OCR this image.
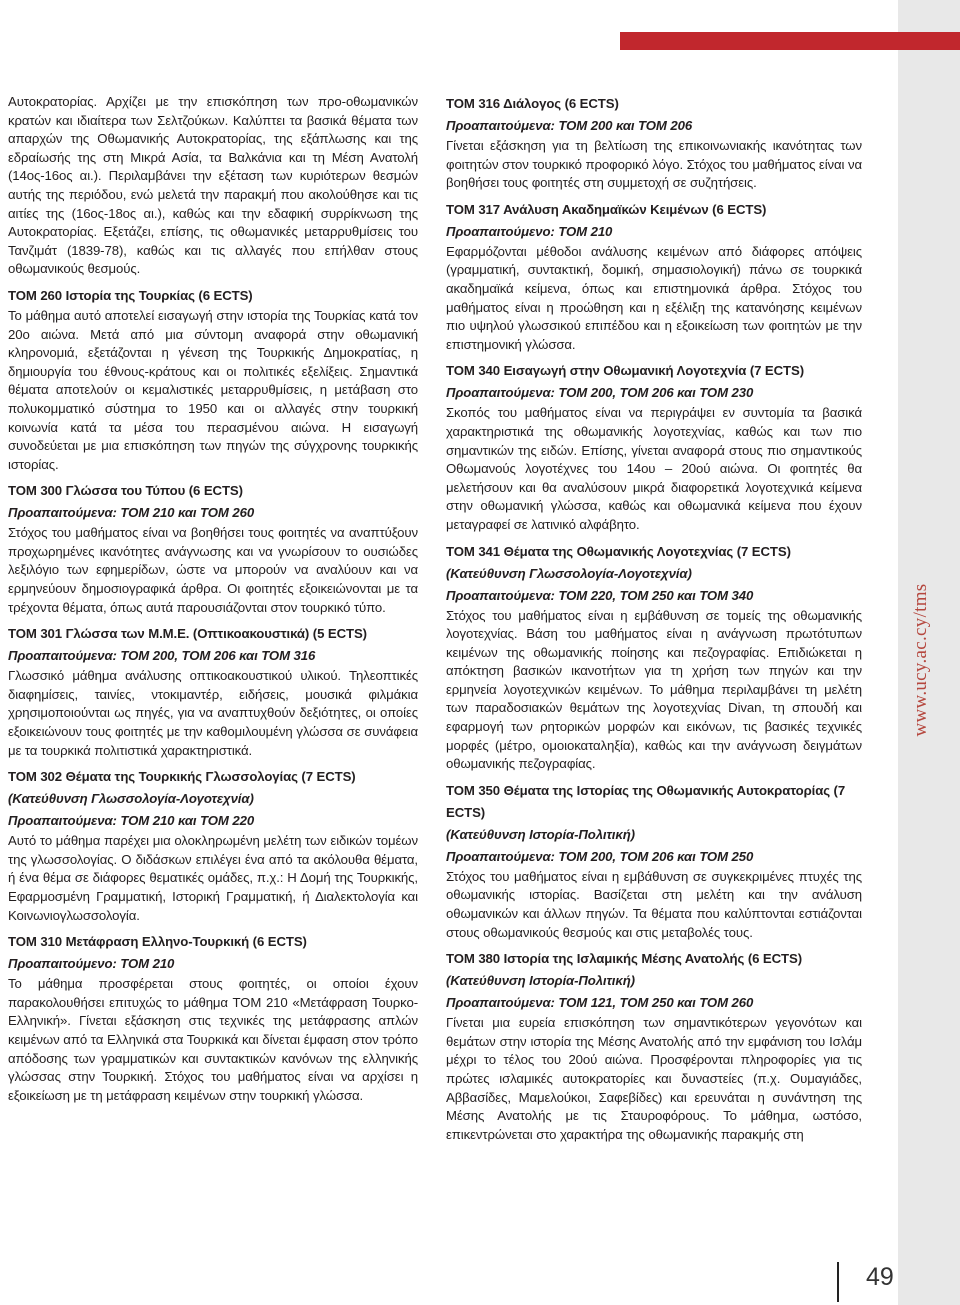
www.ucy.ac.cy/tms

Αυτοκρατορίας. Αρχίζει με την επισκόπηση των προ-οθωμανικών κρατών και ιδιαίτερα των Σελτζούκων. Καλύπτει τα βασικά θέματα των απαρχών της Οθωμανικής Αυτοκρατορίας, της εξάπλωσης και της εδραίωσής της στη Μικρά Ασία, τα Βαλκάνια και τη Μέση Ανατολή (14ος-16ος αι.). Περιλαμβάνει την εξέταση των κυριότερων θεσμών αυτής της περιόδου, ενώ μελετά την παρακμή που ακολούθησε και τις αιτίες της (16ος-18ος αι.), καθώς και την εδαφική συρρίκνωση της Αυτοκρατορίας. Εξετάζει, επίσης, τις οθωμανικές μεταρρυθμίσεις του Τανζιμάτ (1839-78), καθώς και τις αλλαγές που επήλθαν στους οθωμανικούς θεσμούς.

ΤΟΜ 260 Ιστορία της Τουρκίας (6 ECTS)

Το μάθημα αυτό αποτελεί εισαγωγή στην ιστορία της Τουρκίας κατά τον 20ο αιώνα. Μετά από μια σύντομη αναφορά στην οθωμανική κληρονομιά, εξετάζονται η γένεση της Τουρκικής Δημοκρατίας, η δημιουργία του έθνους-κράτους και οι πολιτικές εξελίξεις. Σημαντικά θέματα αποτελούν οι κεμαλιστικές μεταρρυθμίσεις, η μετάβαση στο πολυκομματικό σύστημα το 1950 και οι αλλαγές στην τουρκική κοινωνία κατά τα μέσα του περασμένου αιώνα. Η εισαγωγή συνοδεύεται με μια επισκόπηση των πηγών της σύγχρονης τουρκικής ιστορίας.

ΤΟΜ 300 Γλώσσα του Τύπου (6 ECTS)

Προαπαιτούμενα: ΤΟΜ 210 και ΤΟΜ 260

Στόχος του μαθήματος είναι να βοηθήσει τους φοιτητές να αναπτύξουν προχωρημένες ικανότητες ανάγνωσης και να γνωρίσουν το ουσιώδες λεξιλόγιο των εφημερίδων, ώστε να μπορούν να αναλύουν και να ερμηνεύουν δημοσιογραφικά άρθρα. Οι φοιτητές εξοικειώνονται με τα τρέχοντα θέματα, όπως αυτά παρουσιάζονται στον τουρκικό τύπο.

ΤΟΜ 301 Γλώσσα των Μ.Μ.Ε. (Οπτικοακουστικά) (5 ECTS)

Προαπαιτούμενα: ΤΟΜ 200, ΤΟΜ 206 και ΤΟΜ 316

Γλωσσικό μάθημα ανάλυσης οπτικοακουστικού υλικού. Τηλεοπτικές διαφημίσεις, ταινίες, ντοκιμαντέρ, ειδήσεις, μουσικά φιλμάκια χρησιμοποιούνται ως πηγές, για να αναπτυχθούν δεξιότητες, οι οποίες εξοικειώνουν τους φοιτητές με την καθομιλουμένη γλώσσα σε συνάφεια με τα τουρκικά πολιτιστικά χαρακτηριστικά.

ΤΟΜ 302 Θέματα της Τουρκικής Γλωσσολογίας (7 ECTS)

(Κατεύθυνση Γλωσσολογία-Λογοτεχνία)

Προαπαιτούμενα: ΤΟΜ 210 και ΤΟΜ 220

Αυτό το μάθημα παρέχει μια ολοκληρωμένη μελέτη των ειδικών τομέων της γλωσσολογίας. Ο διδάσκων επιλέγει ένα από τα ακόλουθα θέματα, ή ένα θέμα σε διάφορες θεματικές ομάδες, π.χ.: Η Δομή της Τουρκικής, Εφαρμοσμένη Γραμματική, Ιστορική Γραμματική, ή Διαλεκτολογία και Κοινωνιογλωσσολογία.

ΤΟΜ 310 Μετάφραση Ελληνο-Τουρκική (6 ECTS)

Προαπαιτούμενο: ΤΟΜ 210

Το μάθημα προσφέρεται στους φοιτητές, οι οποίοι έχουν παρακολουθήσει επιτυχώς το μάθημα ΤΟΜ 210 «Μετάφραση Τουρκο-Ελληνική». Γίνεται εξάσκηση στις τεχνικές της μετάφρασης απλών κειμένων από τα Ελληνικά στα Τουρκικά και δίνεται έμφαση στον τρόπο απόδοσης των γραμματικών και συντακτικών κανόνων της ελληνικής γλώσσας στην Τουρκική. Στόχος του μαθήματος είναι να αρχίσει η εξοικείωση με τη μετάφραση κειμένων στην τουρκική γλώσσα.

ΤΟΜ 316 Διάλογος (6 ECTS)

Προαπαιτούμενα: ΤΟΜ 200 και ΤΟΜ 206

Γίνεται εξάσκηση για τη βελτίωση της επικοινωνιακής ικανότητας των φοιτητών στον τουρκικό προφορικό λόγο. Στόχος του μαθήματος είναι να βοηθήσει τους φοιτητές στη συμμετοχή σε συζητήσεις.

ΤΟΜ 317 Ανάλυση Ακαδημαϊκών Κειμένων (6 ECTS)

Προαπαιτούμενο: ΤΟΜ 210

Εφαρμόζονται μέθοδοι ανάλυσης κειμένων από διάφορες απόψεις (γραμματική, συντακτική, δομική, σημασιολογική) πάνω σε τουρκικά ακαδημαϊκά κείμενα, όπως και επιστημονικά άρθρα. Στόχος του μαθήματος είναι η προώθηση και η εξέλιξη της κατανόησης κειμένων πιο υψηλού γλωσσικού επιπέδου και η εξοικείωση των φοιτητών με την επιστημονική γλώσσα.

ΤΟΜ 340 Εισαγωγή στην Οθωμανική Λογοτεχνία (7 ECTS)

Προαπαιτούμενα: ΤΟΜ 200, ΤΟΜ 206 και ΤΟΜ 230

Σκοπός του μαθήματος είναι να περιγράψει εν συντομία τα βασικά χαρακτηριστικά της οθωμανικής λογοτεχνίας, καθώς και των πιο σημαντικών της ειδών. Επίσης, γίνεται αναφορά στους πιο σημαντικούς Οθωμανούς λογοτέχνες του 14ου – 20ού αιώνα. Οι φοιτητές θα μελετήσουν και θα αναλύσουν μικρά διαφορετικά λογοτεχνικά κείμενα στην οθωμανική γλώσσα, καθώς και οθωμανικά κείμενα που έχουν μεταγραφεί σε λατινικό αλφάβητο.

ΤΟΜ 341 Θέματα της Οθωμανικής Λογοτεχνίας (7 ECTS)

(Κατεύθυνση Γλωσσολογία-Λογοτεχνία)

Προαπαιτούμενα: ΤΟΜ 220, ΤΟΜ 250 και ΤΟΜ 340

Στόχος του μαθήματος είναι η εμβάθυνση σε τομείς της οθωμανικής λογοτεχνίας. Βάση του μαθήματος είναι η ανάγνωση πρωτότυπων κειμένων της οθωμανικής ποίησης και πεζογραφίας. Επιδιώκεται η απόκτηση βασικών ικανοτήτων για τη χρήση των πηγών και την ερμηνεία λογοτεχνικών κειμένων. Το μάθημα περιλαμβάνει τη μελέτη των παραδοσιακών θεμάτων της λογοτεχνίας Divan, τη σπουδή και εφαρμογή των ρητορικών μορφών και εικόνων, τις βασικές τεχνικές μορφές (μέτρο, ομοιοκαταληξία), καθώς και την ανάγνωση δειγμάτων οθωμανικής πεζογραφίας.

ΤΟΜ 350 Θέματα της Ιστορίας της Οθωμανικής Αυτοκρατορίας (7 ECTS)

(Κατεύθυνση Ιστορία-Πολιτική)

Προαπαιτούμενα: ΤΟΜ 200, ΤΟΜ 206 και ΤΟΜ 250

Στόχος του μαθήματος είναι η εμβάθυνση σε συγκεκριμένες πτυχές της οθωμανικής ιστορίας. Βασίζεται στη μελέτη και την ανάλυση οθωμανικών και άλλων πηγών. Τα θέματα που καλύπτονται εστιάζονται στους οθωμανικούς θεσμούς και στις μεταβολές τους.

ΤΟΜ 380 Ιστορία της Ισλαμικής Μέσης Ανατολής (6 ECTS)

(Κατεύθυνση Ιστορία-Πολιτική)

Προαπαιτούμενα: ΤΟΜ 121, ΤΟΜ 250 και ΤΟΜ 260

Γίνεται μια ευρεία επισκόπηση των σημαντικότερων γεγονότων και θεμάτων στην ιστορία της Μέσης Ανατολής από την εμφάνιση του Ισλάμ μέχρι το τέλος του 20ού αιώνα. Προσφέρονται πληροφορίες για τις πρώτες ισλαμικές αυτοκρατορίες και δυναστείες (π.χ. Ουμαγιάδες, Αββασίδες, Μαμελούκοι, Σαφεβίδες) και ερευνάται η συνάντηση της Μέσης Ανατολής με τις Σταυροφόρους. Το μάθημα, ωστόσο, επικεντρώνεται στο χαρακτήρα της οθωμανικής παρακμής στη

49
